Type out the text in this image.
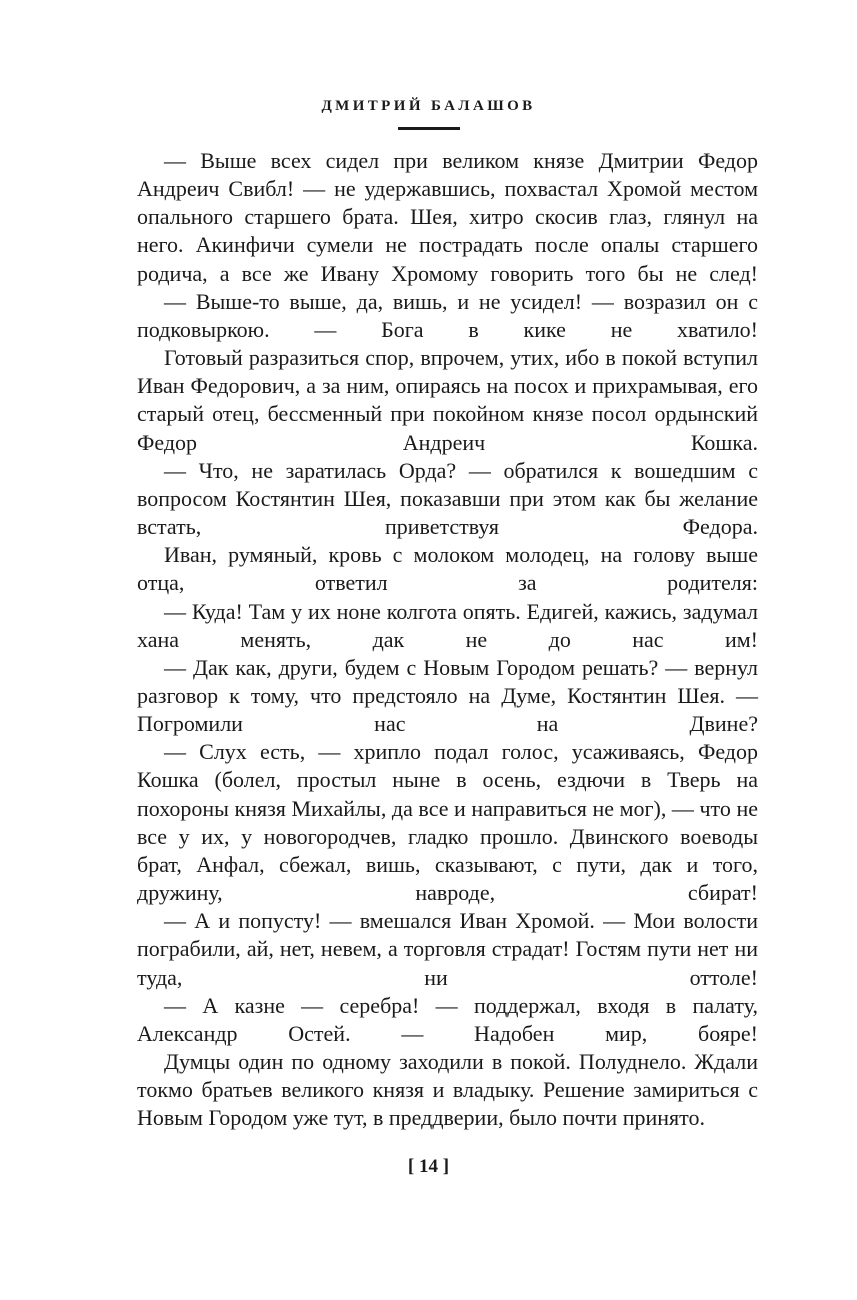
ДМИТРИЙ БАЛАШОВ

— Выше всех сидел при великом князе Дмитрии Федор Андреич Свибл! — не удержавшись, похвастал Хромой местом опального старшего брата. Шея, хитро скосив глаз, глянул на него. Акинфичи сумели не пострадать после опалы старшего родича, а все же Ивану Хромому говорить того бы не след!

— Выше-то выше, да, вишь, и не усидел! — возразил он с подковыркою. — Бога в кике не хватило!

Готовый разразиться спор, впрочем, утих, ибо в покой вступил Иван Федорович, а за ним, опираясь на посох и прихрамывая, его старый отец, бессменный при покойном князе посол ордынский Федор Андреич Кошка.

— Что, не заратилась Орда? — обратился к вошедшим с вопросом Костянтин Шея, показавши при этом как бы желание встать, приветствуя Федора.

Иван, румяный, кровь с молоком молодец, на голову выше отца, ответил за родителя:

— Куда! Там у их ноне колгота опять. Едигей, кажись, задумал хана менять, дак не до нас им!

— Дак как, други, будем с Новым Городом решать? — вернул разговор к тому, что предстояло на Думе, Костянтин Шея. — Погромили нас на Двине?

— Слух есть, — хрипло подал голос, усаживаясь, Федор Кошка (болел, простыл ныне в осень, ездючи в Тверь на похороны князя Михайлы, да все и направиться не мог), — что не все у их, у новогородчев, гладко прошло. Двинского воеводы брат, Анфал, сбежал, вишь, сказывают, с пути, дак и того, дружину, навроде, сбират!

— А и попусту! — вмешался Иван Хромой. — Мои волости пограбили, ай, нет, невем, а торговля страдат! Гостям пути нет ни туда, ни оттоле!

— А казне — серебра! — поддержал, входя в палату, Александр Остей. — Надобен мир, бояре!

Думцы один по одному заходили в покой. Полуднело. Ждали токмо братьев великого князя и владыку. Решение замириться с Новым Городом уже тут, в преддверии, было почти принято.

[ 14 ]
